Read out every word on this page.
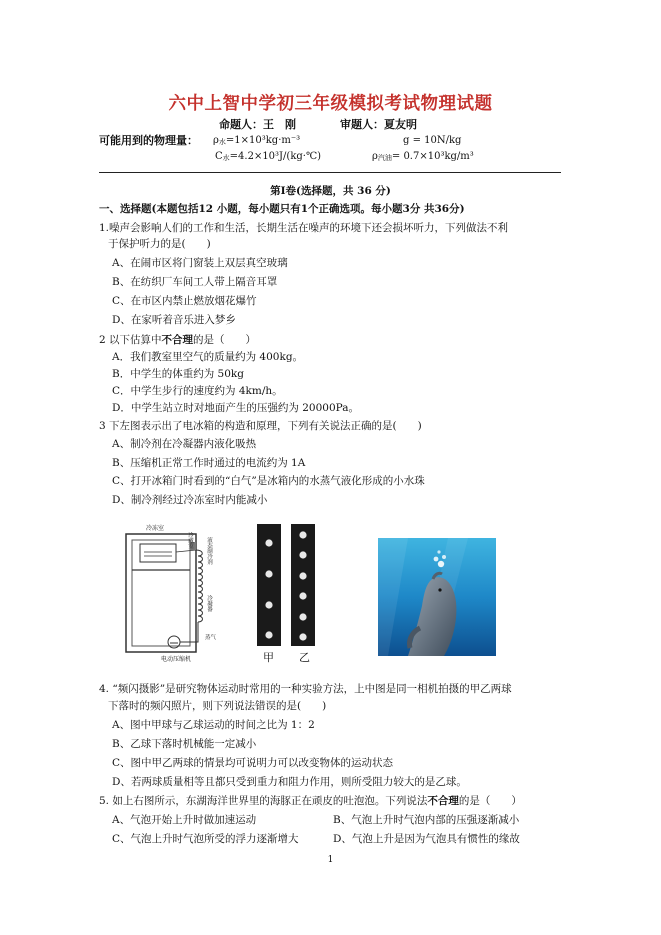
六中上智中学初三年级模拟考试物理试题
命题人：王　刚	审题人：夏友明
可能用到的物理量： ρ水=1×10³kg·m⁻³	g = 10N/kg
C水=4.2×10³J/(kg·℃)	ρ汽油= 0.7×10³kg/m³
第Ⅰ卷(选择题，共 36 分)
一、选择题(本题包括12 小题，每小题只有1个正确选项。每小题3分 共36分)
1.噪声会影响人们的工作和生活，长期生活在噪声的环境下还会损坏听力，下列做法不利
于保护听力的是(　　)
A、在闹市区将门窗装上双层真空玻璃
B、在纺织厂车间工人带上隔音耳罩
C、在市区内禁止燃放烟花爆竹
D、在家听着音乐进入梦乡
2 以下估算中不合理的是（　　）
A．我们教室里空气的质量约为 400kg。
B．中学生的体重约为 50kg
C．中学生步行的速度约为 4km/h。
D．中学生站立时对地面产生的压强约为 20000Pa。
3 下左图表示出了电冰箱的构造和原理，下列有关说法正确的是(　　)
A、制冷剂在冷凝器内液化吸热
B、压缩机正常工作时通过的电流约为 1A
C、打开冰箱门时看到的“白气”是冰箱内的水蒸气液化形成的小水珠
D、制冷剂经过冷冻室时内能减小
冷冻室
冷藏室 液态制冷剂
冷凝器
蒸气
电动压缩机	甲 乙
4. “频闪摄影”是研究物体运动时常用的一种实验方法，上中图是同一相机拍摄的甲乙两球
下落时的频闪照片，则下列说法错误的是(　　)
A、图中甲球与乙球运动的时间之比为 1：2
B、乙球下落时机械能一定减小
C、图中甲乙两球的情景均可说明力可以改变物体的运动状态
D、若两球质量相等且都只受到重力和阻力作用，则所受阻力较大的是乙球。
5. 如上右图所示，东湖海洋世界里的海豚正在顽皮的吐泡泡。下列说法不合理的是（　　）
A、气泡开始上升时做加速运动	B、气泡上升时气泡内部的压强逐渐减小
C、气泡上升时气泡所受的浮力逐渐增大	D、气泡上升是因为气泡具有惯性的缘故
1
